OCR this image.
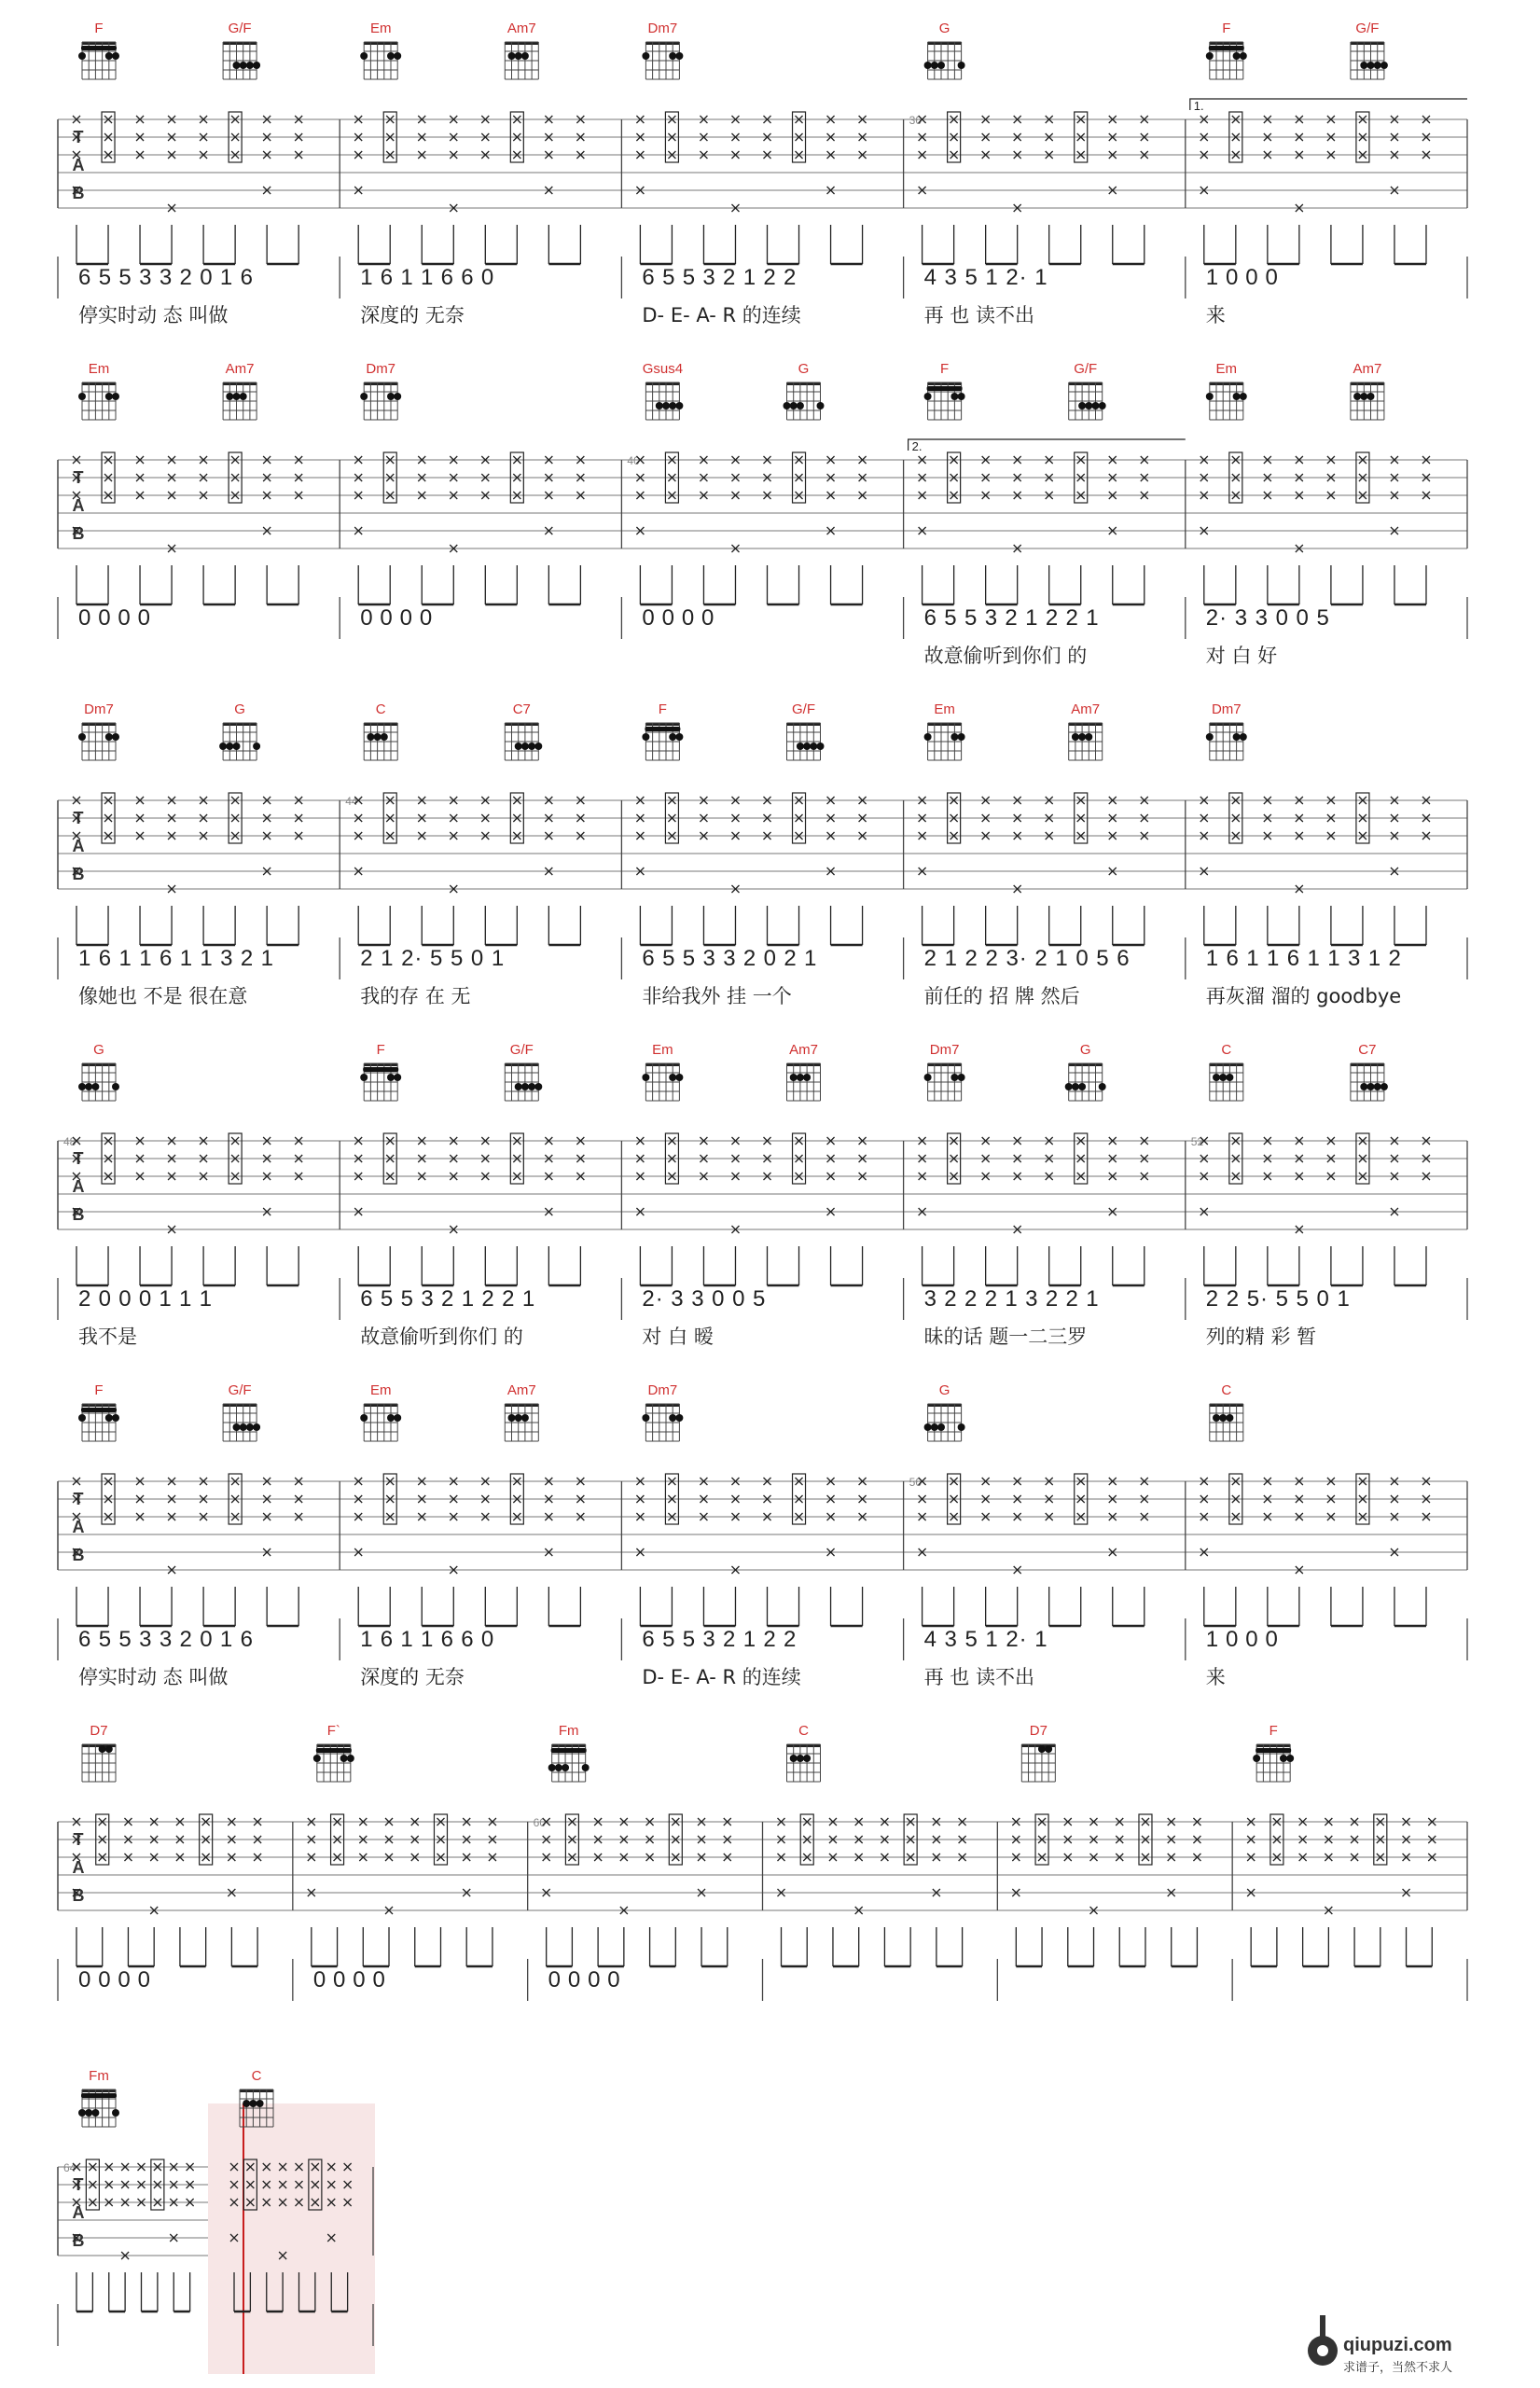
T
A
B
F	G/F
6 5 5 3 3 2 0 1 6
停实时动 态 叫做
Em	Am7
1 6 1 1 6 6 0
深度的 无奈
Dm7
6 5 5 3 2 1 2 2
D- E- A- R 的连续
G
36
4 3 5 1 2· 1
再 也 读不出
F	G/F
1.
1 0 0 0
来
T
A
B
Em	Am7
0 0 0 0
Dm7
0 0 0 0
Gsus4	G
40
0 0 0 0
F	G/F
2.
6 5 5 3 2 1 2 2 1
故意偷听到你们 的
Em	Am7
2· 3 3 0 0 5
对 白 好
T
A
B
Dm7	G
1 6 1 1 6 1 1 3 2 1
像她也 不是 很在意
C	C7
44
2 1 2· 5 5 0 1
我的存 在 无
F	G/F
6 5 5 3 3 2 0 2 1
非给我外 挂 一个
Em	Am7
2 1 2 2 3· 2 1 0 5 6
前任的 招 牌 然后
Dm7
1 6 1 1 6 1 1 3 1 2
再灰溜 溜的 goodbye
T
A
B
G
48
2 0 0 0 1 1 1
我不是
F	G/F
6 5 5 3 2 1 2 2 1
故意偷听到你们 的
Em	Am7
2· 3 3 0 0 5
对 白 暧
Dm7	G
3 2 2 2 1 3 2 2 1
昧的话 题一二三罗
C	C7
52
2 2 5· 5 5 0 1
列的精 彩 暂
T
A
B
F	G/F
6 5 5 3 3 2 0 1 6
停实时动 态 叫做
Em	Am7
1 6 1 1 6 6 0
深度的 无奈
Dm7
6 5 5 3 2 1 2 2
D- E- A- R 的连续
G
56
4 3 5 1 2· 1
再 也 读不出
C
1 0 0 0
来
T
A
B
D7
0 0 0 0
F`
0 0 0 0
Fm
60
0 0 0 0
C	D7	F
T
A
B
Fm
64
C
qiupuzi.com
求谱子，当然不求人
